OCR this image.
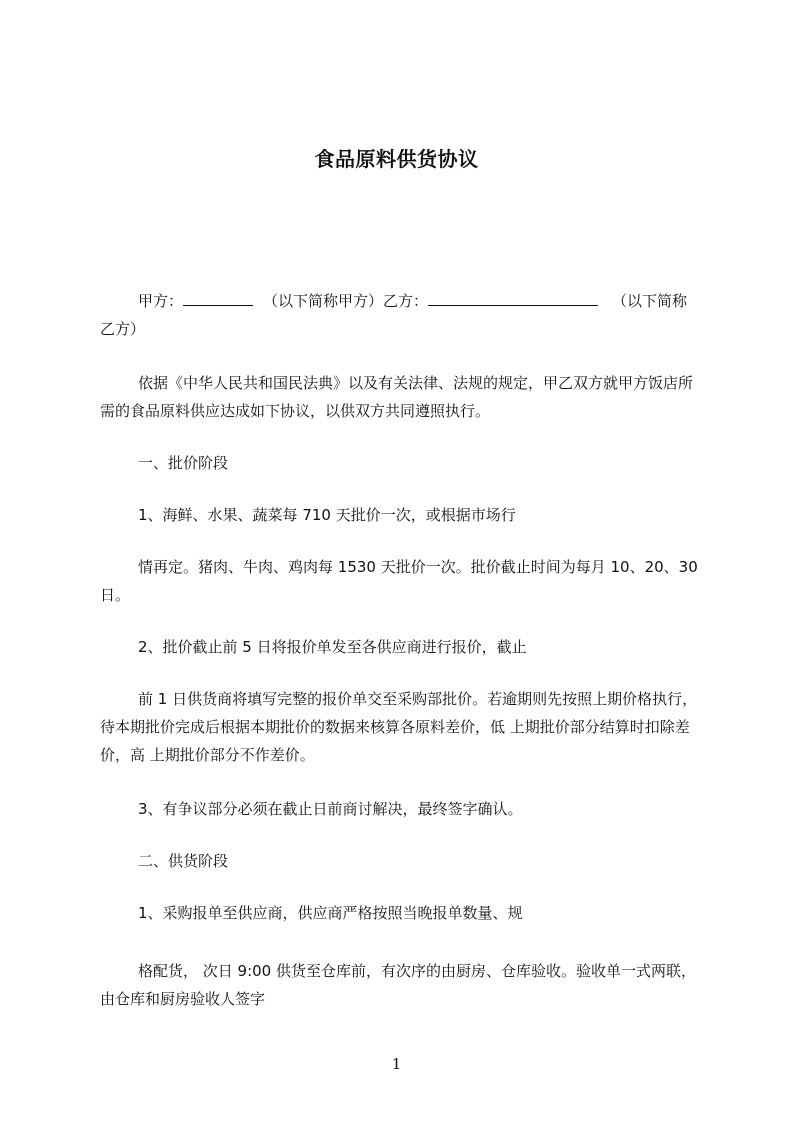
食品原料供货协议
甲方：	（以下简称甲方）乙方：	（以下简称
乙方）

依据《中华人民共和国民法典》以及有关法律、法规的规定，甲乙双方就甲方饭店所需的食品原料供应达成如下协议，以供双方共同遵照执行。

一、批价阶段

1、海鲜、水果、蔬菜每 710 天批价一次，或根据市场行

情再定。猪肉、牛肉、鸡肉每 1530 天批价一次。批价截止时间为每月 10、20、30 日。

2、批价截止前 5 日将报价单发至各供应商进行报价，截止

前 1 日供货商将填写完整的报价单交至采购部批价。若逾期则先按照上期价格执行，待本期批价完成后根据本期批价的数据来核算各原料差价，低 上期批价部分结算时扣除差价，高 上期批价部分不作差价。

3、有争议部分必须在截止日前商讨解决，最终签字确认。

二、供货阶段

1、采购报单至供应商，供应商严格按照当晚报单数量、规

格配货， 次日 9:00 供货至仓库前，有次序的由厨房、仓库验收。验收单一式两联，由仓库和厨房验收人签字

1
